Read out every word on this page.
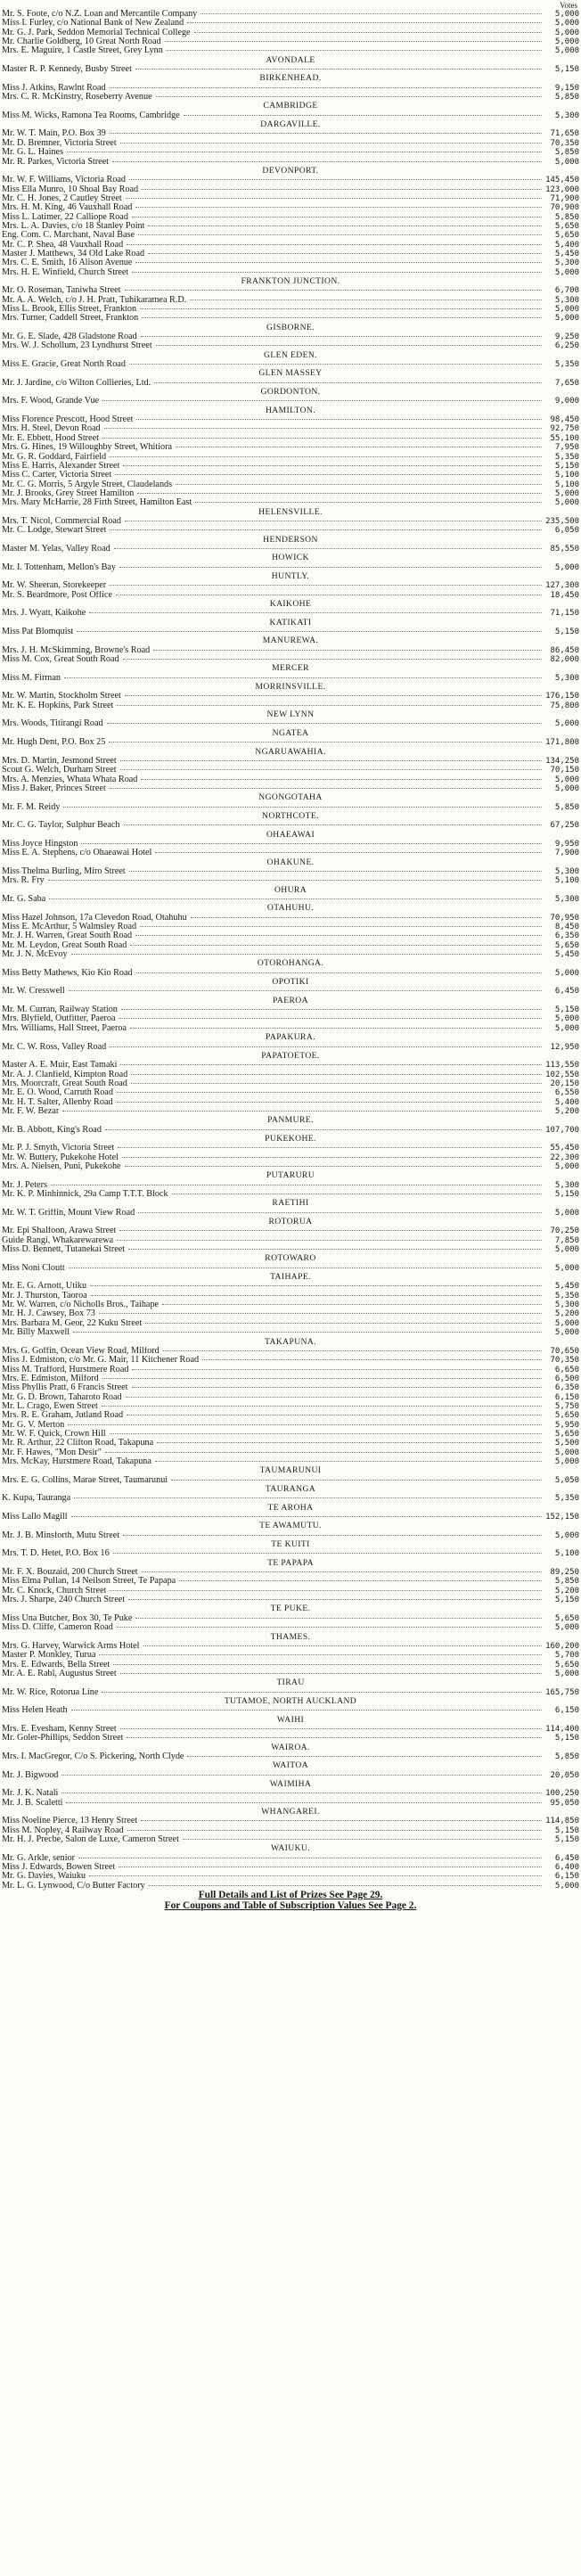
Votes
Mr. S. Foote, c/o N.Z. Loan and Mercantile Company	5,000
Miss I. Furley, c/o National Bank of New Zealand	5,000
Mr. G. J. Park, Seddon Memorial Technical College	5,000
Mr. Charlie Goldberg, 10 Great North Road	5,000
Mrs. E. Maguire, 1 Castle Street, Grey Lynn	5,000
AVONDALE
Master R. P. Kennedy, Busby Street	5,150
BIRKENHEAD.
Miss J. Atkins, Rawlnt Road	9,150
Mrs. C. R. McKinstry, Roseberry Avenue	5,850
CAMBRIDGE
Miss M. Wicks, Ramona Tea Rooms, Cambridge	5,300
DARGAVILLE.
Mr. W. T. Main, P.O. Box 39	71,650
Mr. D. Bremner, Victoria Street	70,350
Mr. G. L. Haines	5,850
Mr. R. Parkes, Victoria Street	5,000
DEVONPORT.
Mr. W. F. Williams, Victoria Road	145,450
Miss Ella Munro, 10 Shoal Bay Road	123,000
Mr. C. H. Jones, 2 Cautley Street	71,900
Mrs. H. M. King, 46 Vauxhall Road	70,900
Miss L. Latimer, 22 Calliope Road	5,850
Mrs. L. A. Davies, c/o 18 Stanley Point	5,650
Eng. Com. C. Marchant, Naval Base	5,650
Mr. C. P. Shea, 48 Vauxhall Road	5,400
Master J. Matthews, 34 Old Lake Road	5,450
Mrs. C. E. Smith, 16 Alison Avenue	5,300
Mrs. H. E. Winfield, Church Street	5,000
FRANKTON JUNCTION.
Mr. O. Roseman, Taniwha Street	6,700
Mr. A. A. Welch, c/o J. H. Pratt, Tuhikaramea R.D.	5,300
Miss L. Brook, Ellis Street, Frankton	5,000
Mrs. Turner, Caddell Street, Frankton	5,000
GISBORNE.
Mr. G. E. Slade, 428 Gladstone Road	9,250
Mrs. W. J. Schollum, 23 Lyndhurst Street	6,250
GLEN EDEN.
Miss E. Gracie, Great North Road	5,350
GLEN MASSEY
Mr. J. Jardine, c/o Wilton Collieries, Ltd.	7,650
GORDONTON.
Mrs. F. Wood, Grande Vue	9,000
HAMILTON.
Miss Florence Prescott, Hood Street	98,450
Mrs. H. Steel, Devon Road	92,750
Mr. E. Ebbett, Hood Street	55,100
Mrs. G. Hines, 19 Willoughby Street, Whitiora	7,950
Mr. G. R. Goddard, Fairfield	5,350
Miss E. Harris, Alexander Street	5,150
Miss C. Carter, Victoria Street	5,100
Mr. C. G. Morris, 5 Argyle Street, Claudelands	5,100
Mr. J. Brooks, Grey Street Hamilton	5,000
Mrs. Mary McHarrie, 28 Firth Street, Hamilton East	5,000
HELENSVILLE.
Mrs. T. Nicol, Commercial Road	235,500
Mr. C. Lodge, Stewart Street	6,050
HENDERSON
Master M. Yelas, Valley Road	85,550
HOWICK
Mr. I. Tottenham, Mellon's Bay	5,000
HUNTLY.
Mr. W. Sheeran, Storekeeper	127,300
Mr. S. Beardmore, Post Office	18,450
KAIKOHE
Mrs. J. Wyatt, Kaikohe	71,150
KATIKATI
Miss Pat Blomquist	5,150
MANUREWA.
Mrs. J. H. McSkimming, Browne's Road	86,450
Miss M. Cox, Great South Road	82,000
MERCER
Miss M. Firman	5,300
MORRINSVILLE.
Mr. W. Martin, Stockholm Street	176,150
Mr. K. E. Hopkins, Park Street	75,800
NEW LYNN
Mrs. Woods, Titirangi Road	5,000
NGATEA
Mr. Hugh Dent, P.O. Box 25	171,800
NGARUAWAHIA.
Mrs. D. Martin, Jesmond Street	134,250
Scout G. Welch, Durham Street	70,150
Mrs. A. Menzies, Whata Whata Road	5,000
Miss J. Baker, Princes Street	5,000
NGONGOTAHA
Mr. F. M. Reidy	5,850
NORTHCOTE.
Mr. C. G. Taylor, Sulphur Beach	67,250
OHAEAWAI
Miss Joyce Hingston	9,950
Miss E. A. Stephens, c/o Ohaeawai Hotel	7,900
OHAKUNE.
Miss Thelma Burling, Miro Street	5,300
Mrs. R. Fry	5,100
OHURA
Mr. G. Saba	5,300
OTAHUHU.
Miss Hazel Johnson, 17a Clevedon Road, Otahuhu	70,950
Miss E. McArthur, 5 Walmsley Road	8,450
Mr. J. H. Warren, Great South Road	6,350
Mr. M. Leydon, Great South Road	5,650
Mr. J. N. McEvoy	5,450
OTOROHANGA.
Miss Betty Mathews, Kio Kio Road	5,000
OPOTIKI
Mr. W. Cresswell	6,450
PAEROA
Mr. M. Curran, Railway Station	5,150
Mrs. Blyfield, Outfitter, Paeroa	5,000
Mrs. Williams, Hall Street, Paeroa	5,000
PAPAKURA.
Mr. C. W. Ross, Valley Road	12,950
PAPATOETOE.
Master A. E. Muir, East Tamaki	113,550
Mr. A. J. Clanfield, Kimpton Road	102,550
Mrs. Moorcraft, Great South Road	20,150
Mr. E. O. Wood, Carruth Road	6,550
Mr. H. T. Salter, Allenby Road	5,400
Mr. F. W. Bezar	5,200
PANMURE.
Mr. B. Abbott, King's Road	107,700
PUKEKOHE.
Mr. P. J. Smyth, Victoria Street	55,450
Mr. W. Buttery, Pukekohe Hotel	22,300
Mrs. A. Nielsen, Puni, Pukekohe	5,000
PUTARURU
Mr. J. Peters	5,300
Mr. K. P. Minhinnick, 29a Camp T.T.T. Block	5,150
RAETIHI
Mr. W. T. Griffin, Mount View Road	5,000
ROTORUA
Mr. Epi Shalfoon, Arawa Street	70,250
Guide Rangi, Whakarewarewa	7,850
Miss D. Bennett, Tutanekai Street	5,000
ROTOWARO
Miss Noni Cloutt	5,000
TAIHAPE.
Mr. E. G. Arnott, Utiku	5,450
Mr. J. Thurston, Taoroa	5,350
Mr. W. Warren, c/o Nicholls Bros., Taihape	5,300
Mr. H. J. Cawsey, Box 73	5,200
Mrs. Barbara M. Geor, 22 Kuku Street	5,000
Mr. Billy Maxwell	5,000
TAKAPUNA.
Mrs. G. Goffin, Ocean View Road, Milford	70,650
Miss J. Edmiston, c/o Mr. G. Mair, 11 Kitchener Road	70,350
Miss M. Trafford, Hurstmere Road	6,650
Mrs. E. Edmiston, Milford	6,500
Miss Phyllis Pratt, 6 Francis Street	6,350
Mr. G. D. Brown, Taharoto Road	6,150
Mr. L. Crago, Ewen Street	5,750
Mrs. R. E. Graham, Jutland Road	5,650
Mr. G. V. Merton	5,950
Mr. W. F. Quick, Crown Hill	5,650
Mr. R. Arthur, 22 Clifton Road, Takapuna	5,500
Mr. F. Hawes, "Mon Desir"	5,000
Mrs. McKay, Hurstmere Road, Takapuna	5,000
TAUMARUNUI
Mrs. E. G. Collins, Marae Street, Taumarunui	5,050
TAURANGA
K. Kupa, Tauranga	5,350
TE AROHA
Miss Lallo Magill	152,150
TE AWAMUTU.
Mr. J. B. Minsforth, Mutu Street	5,000
TE KUITI
Mrs. T. D. Hetet, P.O. Box 16	5,100
TE PAPAPA
Mr. F. X. Bouzaid, 200 Church Street	89,250
Miss Elma Pullan, 14 Neilson Street, Te Papapa	5,850
Mr. C. Knock, Church Street	5,200
Mrs. J. Sharpe, 240 Church Street	5,150
TE PUKE.
Miss Una Butcher, Box 30, Te Puke	5,650
Miss D. Cliffe, Cameron Road	5,000
THAMES.
Mrs. G. Harvey, Warwick Arms Hotel	160,200
Master P. Monkley, Turua	5,700
Mrs. E. Edwards, Bella Street	5,650
Mr. A. E. Rabl, Augustus Street	5,000
TIRAU
Mr. W. Rice, Rotorua Line	165,750
TUTAMOE, NORTH AUCKLAND
Miss Helen Heath	6,150
WAIHI
Mrs. E. Evesham, Kenny Street	114,400
Mr. Goler-Phillips, Seddon Street	5,150
WAIROA.
Mrs. I. MacGregor, C/o S. Pickering, North Clyde	5,850
WAITOA
Mr. J. Bigwood	20,050
WAIMIHA
Mr. J. K. Natali	100,250
Mr. J. B. Scaletti	95,050
WHANGAREI.
Miss Noeline Pierce, 13 Henry Street	114,850
Miss M. Nopley, 4 Railway Road	5,150
Mr. H. J. Precbe, Salon de Luxe, Cameron Street	5,150
WAIUKU.
Mr. G. Arkle, senior	6,450
Miss J. Edwards, Bowen Street	6,400
Mr. G. Davies, Waiuku	6,150
Mr. L. G. Lynwood, C/o Butter Factory	5,000
Full Details and List of Prizes See Page 29.
For Coupons and Table of Subscription Values See Page 2.
